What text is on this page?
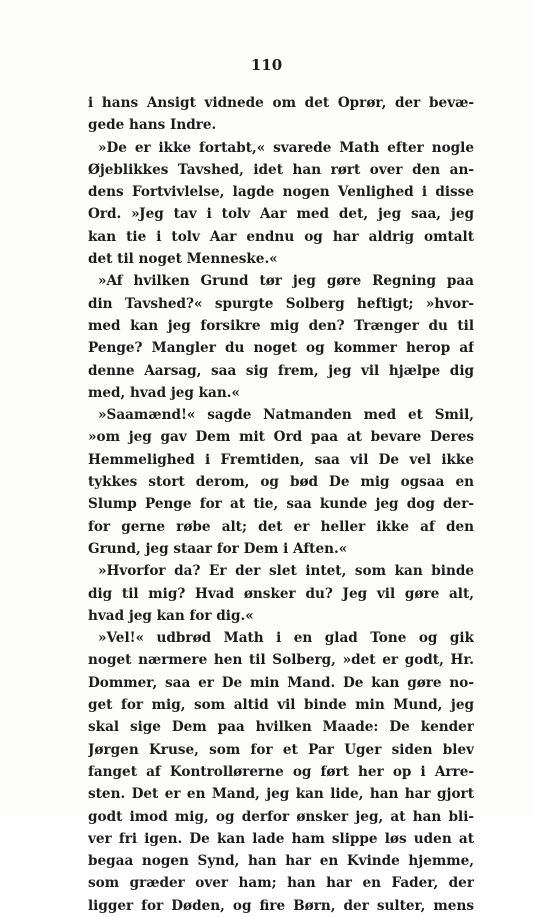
110
i hans Ansigt vidnede om det Oprør, der bevæ-
gede hans Indre.
»De er ikke fortabt,« svarede Math efter nogle
Øjeblikkes Tavshed, idet han rørt over den an-
dens Fortvivlelse, lagde nogen Venlighed i disse
Ord. »Jeg tav i tolv Aar med det, jeg saa, jeg
kan tie i tolv Aar endnu og har aldrig omtalt
det til noget Menneske.«
»Af hvilken Grund tør jeg gøre Regning paa
din Tavshed?« spurgte Solberg heftigt; »hvor-
med kan jeg forsikre mig den? Trænger du til
Penge? Mangler du noget og kommer herop af
denne Aarsag, saa sig frem, jeg vil hjælpe dig
med, hvad jeg kan.«
»Saamænd!« sagde Natmanden med et Smil,
»om jeg gav Dem mit Ord paa at bevare Deres
Hemmelighed i Fremtiden, saa vil De vel ikke
tykkes stort derom, og bød De mig ogsaa en
Slump Penge for at tie, saa kunde jeg dog der-
for gerne røbe alt; det er heller ikke af den
Grund, jeg staar for Dem i Aften.«
»Hvorfor da? Er der slet intet, som kan binde
dig til mig? Hvad ønsker du? Jeg vil gøre alt,
hvad jeg kan for dig.«
»Vel!« udbrød Math i en glad Tone og gik
noget nærmere hen til Solberg, »det er godt, Hr.
Dommer, saa er De min Mand. De kan gøre no-
get for mig, som altid vil binde min Mund, jeg
skal sige Dem paa hvilken Maade: De kender
Jørgen Kruse, som for et Par Uger siden blev
fanget af Kontrollørerne og ført her op i Arre-
sten. Det er en Mand, jeg kan lide, han har gjort
godt imod mig, og derfor ønsker jeg, at han bli-
ver fri igen. De kan lade ham slippe løs uden at
begaa nogen Synd, han har en Kvinde hjemme,
som græder over ham; han har en Fader, der
ligger for Døden, og fire Børn, der sulter, mens
